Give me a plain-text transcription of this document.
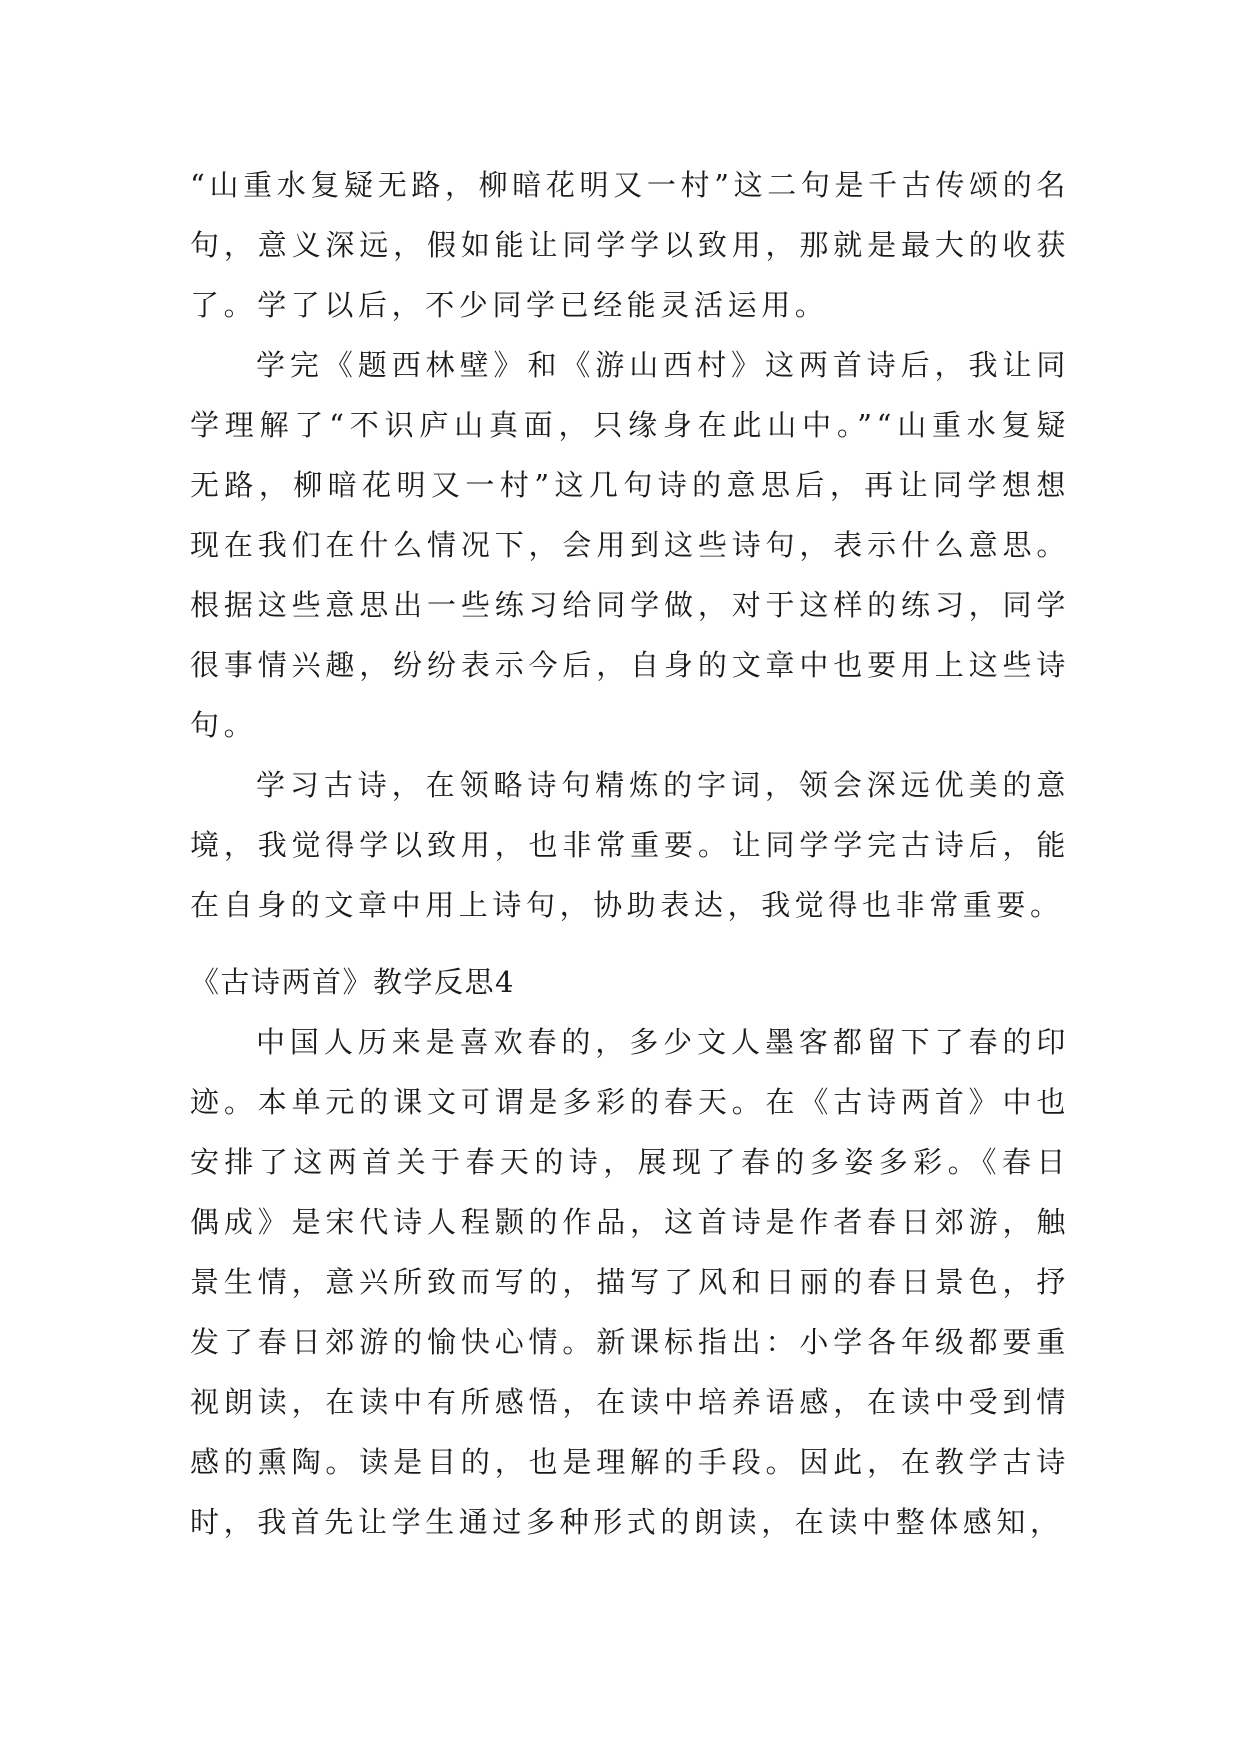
“山重水复疑无路，柳暗花明又一村”这二句是千古传颂的名句，意义深远，假如能让同学学以致用，那就是最大的收获了。学了以后，不少同学已经能灵活运用。

学完《题西林壁》和《游山西村》这两首诗后，我让同学理解了“不识庐山真面，只缘身在此山中。”“山重水复疑无路，柳暗花明又一村”这几句诗的意思后，再让同学想想现在我们在什么情况下，会用到这些诗句，表示什么意思。根据这些意思出一些练习给同学做，对于这样的练习，同学很事情兴趣，纷纷表示今后，自身的文章中也要用上这些诗句。

学习古诗，在领略诗句精炼的字词，领会深远优美的意境，我觉得学以致用，也非常重要。让同学学完古诗后，能在自身的文章中用上诗句，协助表达，我觉得也非常重要。

《古诗两首》教学反思4

中国人历来是喜欢春的，多少文人墨客都留下了春的印迹。本单元的课文可谓是多彩的春天。在《古诗两首》中也安排了这两首关于春天的诗，展现了春的多姿多彩。《春日偶成》是宋代诗人程颢的作品，这首诗是作者春日郊游，触景生情，意兴所致而写的，描写了风和日丽的春日景色，抒发了春日郊游的愉快心情。新课标指出：小学各年级都要重视朗读，在读中有所感悟，在读中培养语感，在读中受到情感的熏陶。读是目的，也是理解的手段。因此，在教学古诗时，我首先让学生通过多种形式的朗读，在读中整体感知，
